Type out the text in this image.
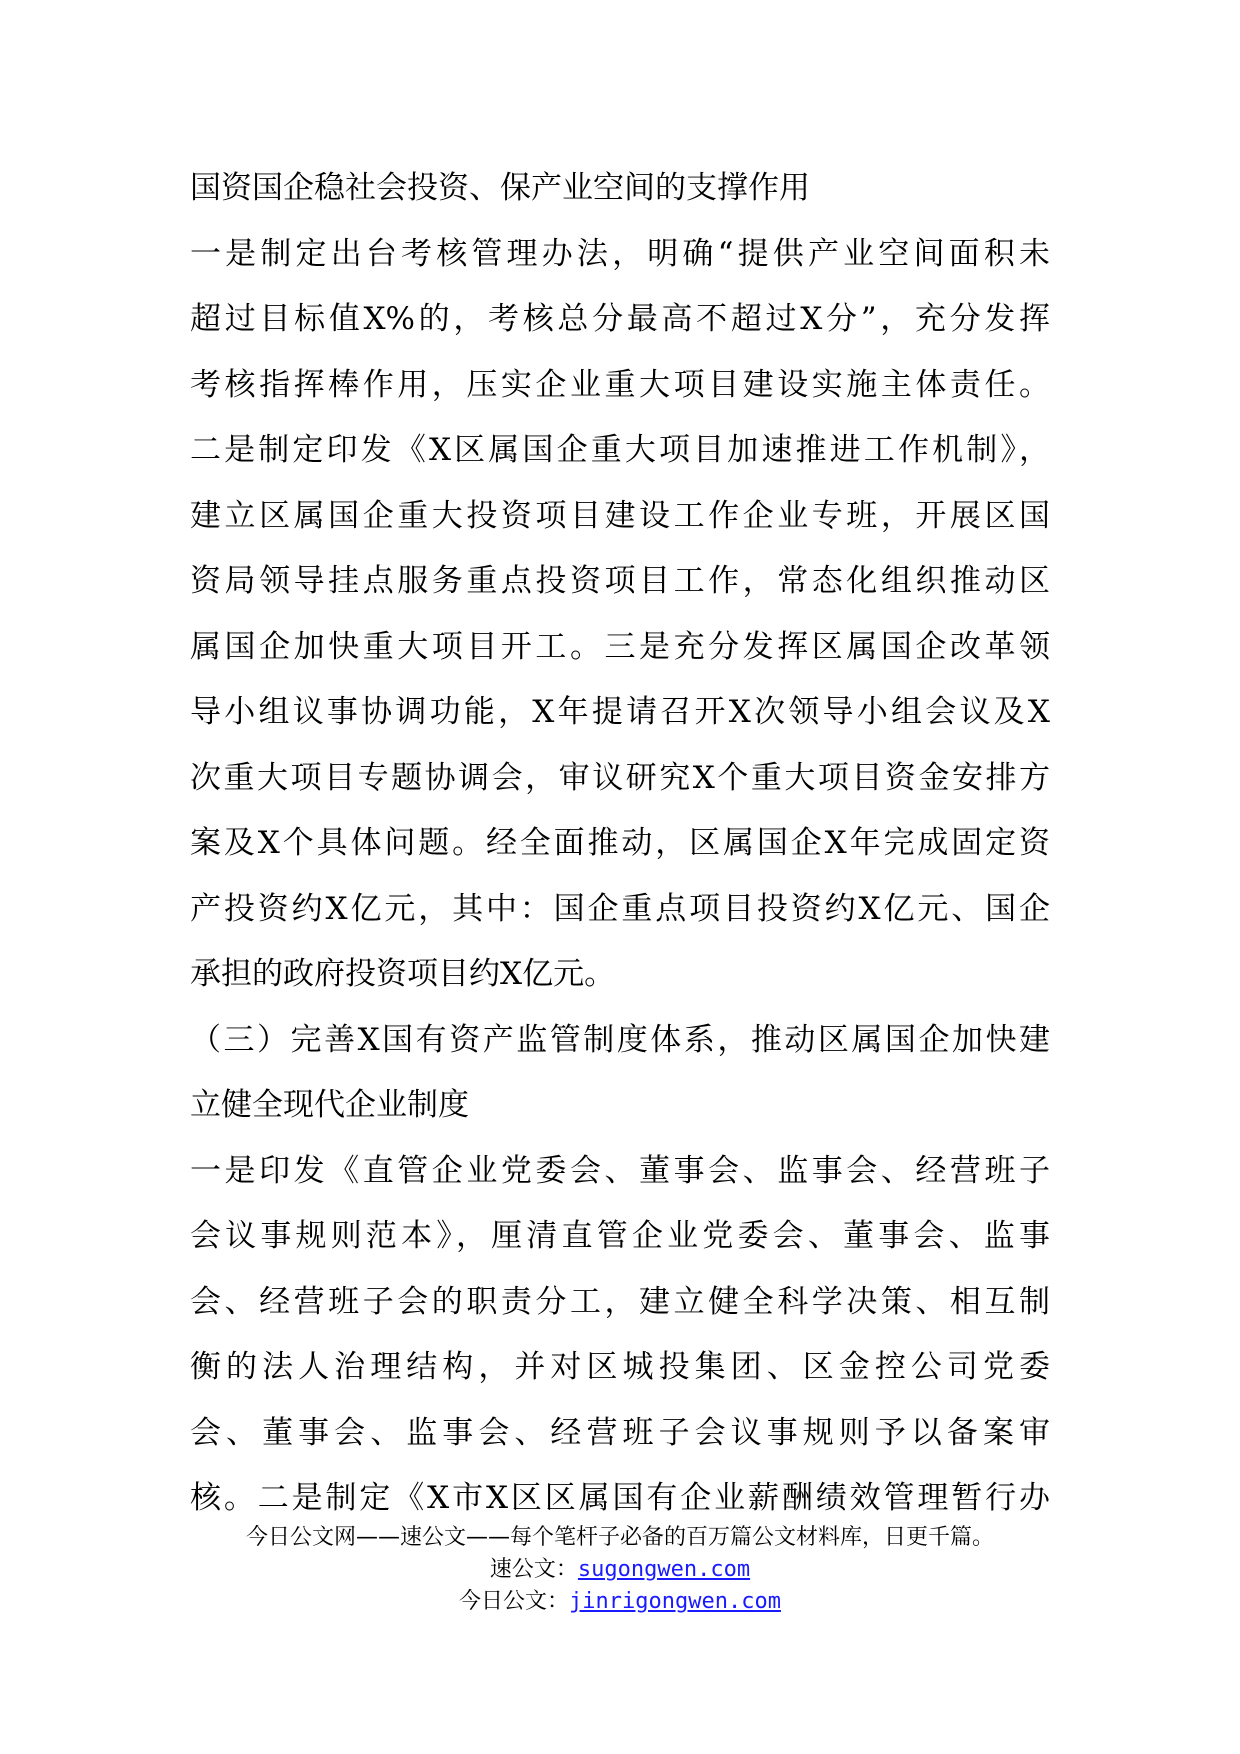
国资国企稳社会投资、保产业空间的支撑作用
一是制定出台考核管理办法，明确“提供产业空间面积未
超过目标值X%的，考核总分最高不超过X分”，充分发挥
考核指挥棒作用，压实企业重大项目建设实施主体责任。
二是制定印发《X区属国企重大项目加速推进工作机制》，
建立区属国企重大投资项目建设工作企业专班，开展区国
资局领导挂点服务重点投资项目工作，常态化组织推动区
属国企加快重大项目开工。三是充分发挥区属国企改革领
导小组议事协调功能，X年提请召开X次领导小组会议及X
次重大项目专题协调会，审议研究X个重大项目资金安排方
案及X个具体问题。经全面推动，区属国企X年完成固定资
产投资约X亿元，其中：国企重点项目投资约X亿元、国企
承担的政府投资项目约X亿元。
（三）完善X国有资产监管制度体系，推动区属国企加快建
立健全现代企业制度
一是印发《直管企业党委会、董事会、监事会、经营班子
会议事规则范本》，厘清直管企业党委会、董事会、监事
会、经营班子会的职责分工，建立健全科学决策、相互制
衡的法人治理结构，并对区城投集团、区金控公司党委
会、董事会、监事会、经营班子会议事规则予以备案审
核。二是制定《X市X区区属国有企业薪酬绩效管理暂行办
今日公文网——速公文——每个笔杆子必备的百万篇公文材料库，日更千篇。
速公文：sugongwen.com
今日公文：jinrigongwen.com
